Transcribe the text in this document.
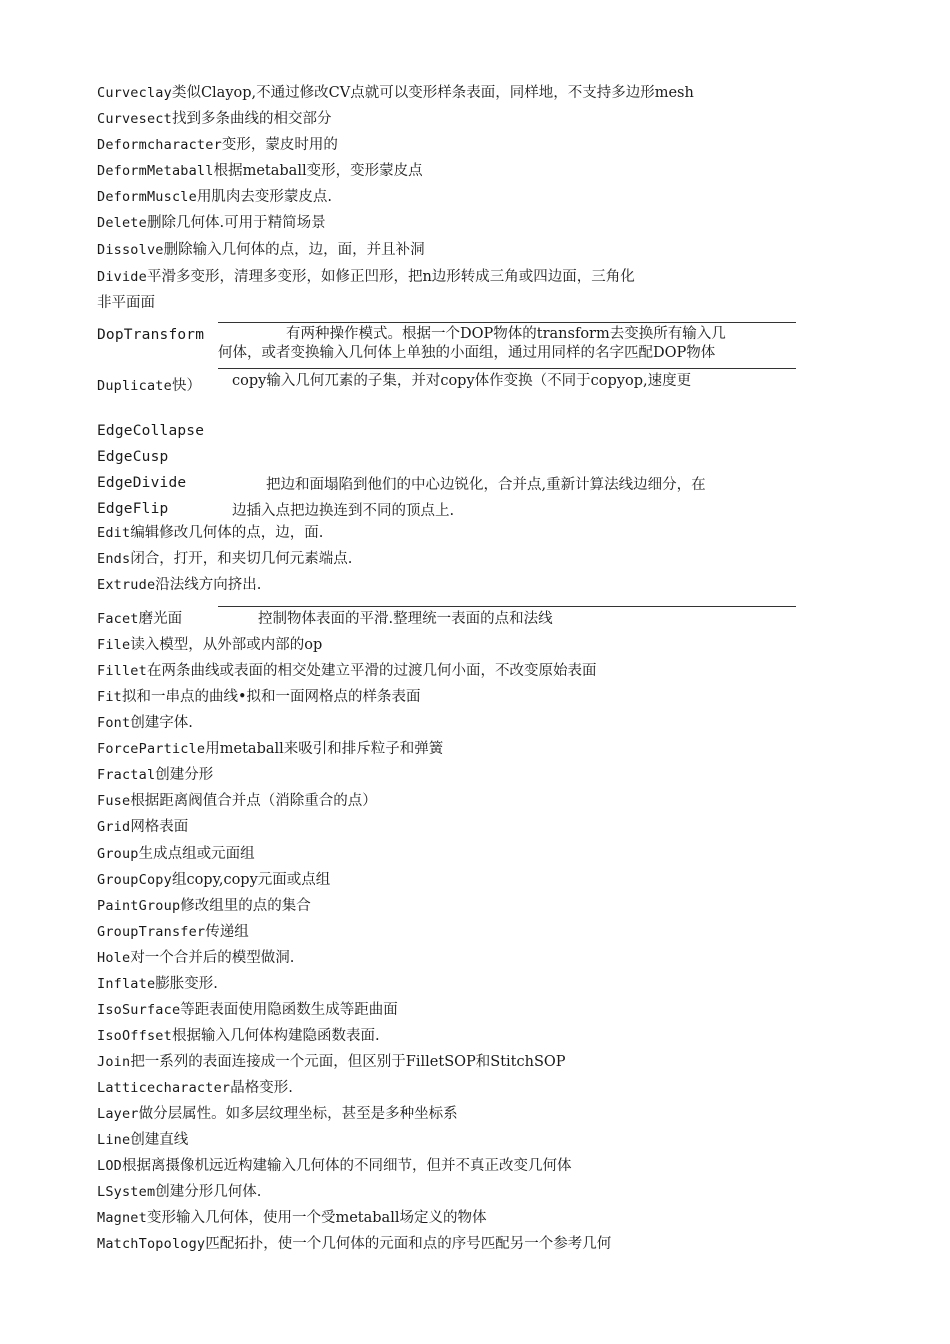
Curveclay类似Clayop,不通过修改CV点就可以变形样条表面，同样地，不支持多边形mesh
Curvesect找到多条曲线的相交部分
Deformcharacter变形，蒙皮时用的
DeformMetaball根据metaball变形，变形蒙皮点
DeformMuscle用肌肉去变形蒙皮点.
Delete删除几何体.可用于精简场景
Dissolve删除输入几何体的点，边，面，并且补洞
Divide平滑多变形，清理多变形，如修正凹形，把n边形转成三角或四边面，三角化
非平面面
DopTransform	有两种操作模式。根据一个DOP物体的transform去变换所有输入几
何体，或者变换输入几何体上单独的小面组，通过用同样的名字匹配DOP物体
copy输入几何兀素的子集，并对copy体作变换（不同于copyop,速度更
Duplicate快）
EdgeCollapse
EdgeCusp
EdgeDivide
EdgeFlip
把边和面塌陷到他们的中心边锐化，合并点,重新计算法线边细分，在
边插入点把边换连到不同的顶点上.
Edit编辑修改几何体的点，边，面.
Ends闭合，打开，和夹切几何元素端点.
Extrude沿法线方向挤出.
Facet磨光面	控制物体表面的平滑.整理统一表面的点和法线
File读入模型，从外部或内部的op
Fillet在两条曲线或表面的相交处建立平滑的过渡几何小面，不改变原始表面
Fit拟和一串点的曲线•拟和一面网格点的样条表面
Font创建字体.
ForceParticle用metaball来吸引和排斥粒子和弹簧
Fractal创建分形
Fuse根据距离阀值合并点（消除重合的点）
Grid网格表面
Group生成点组或元面组
GroupCopy组copy,copy元面或点组
PaintGroup修改组里的点的集合
GroupTransfer传递组
Hole对一个合并后的模型做洞.
Inflate膨胀变形.
IsoSurface等距表面使用隐函数生成等距曲面
IsoOffset根据输入几何体构建隐函数表面.
Join把一系列的表面连接成一个元面，但区别于FilletSOP和StitchSOP
Latticecharacter晶格变形.
Layer做分层属性。如多层纹理坐标，甚至是多种坐标系
Line创建直线
LOD根据离摄像机远近构建输入几何体的不同细节，但并不真正改变几何体
LSystem创建分形几何体.
Magnet变形输入几何体，使用一个受metaball场定义的物体
MatchTopology匹配拓扑，使一个几何体的元面和点的序号匹配另一个参考几何
